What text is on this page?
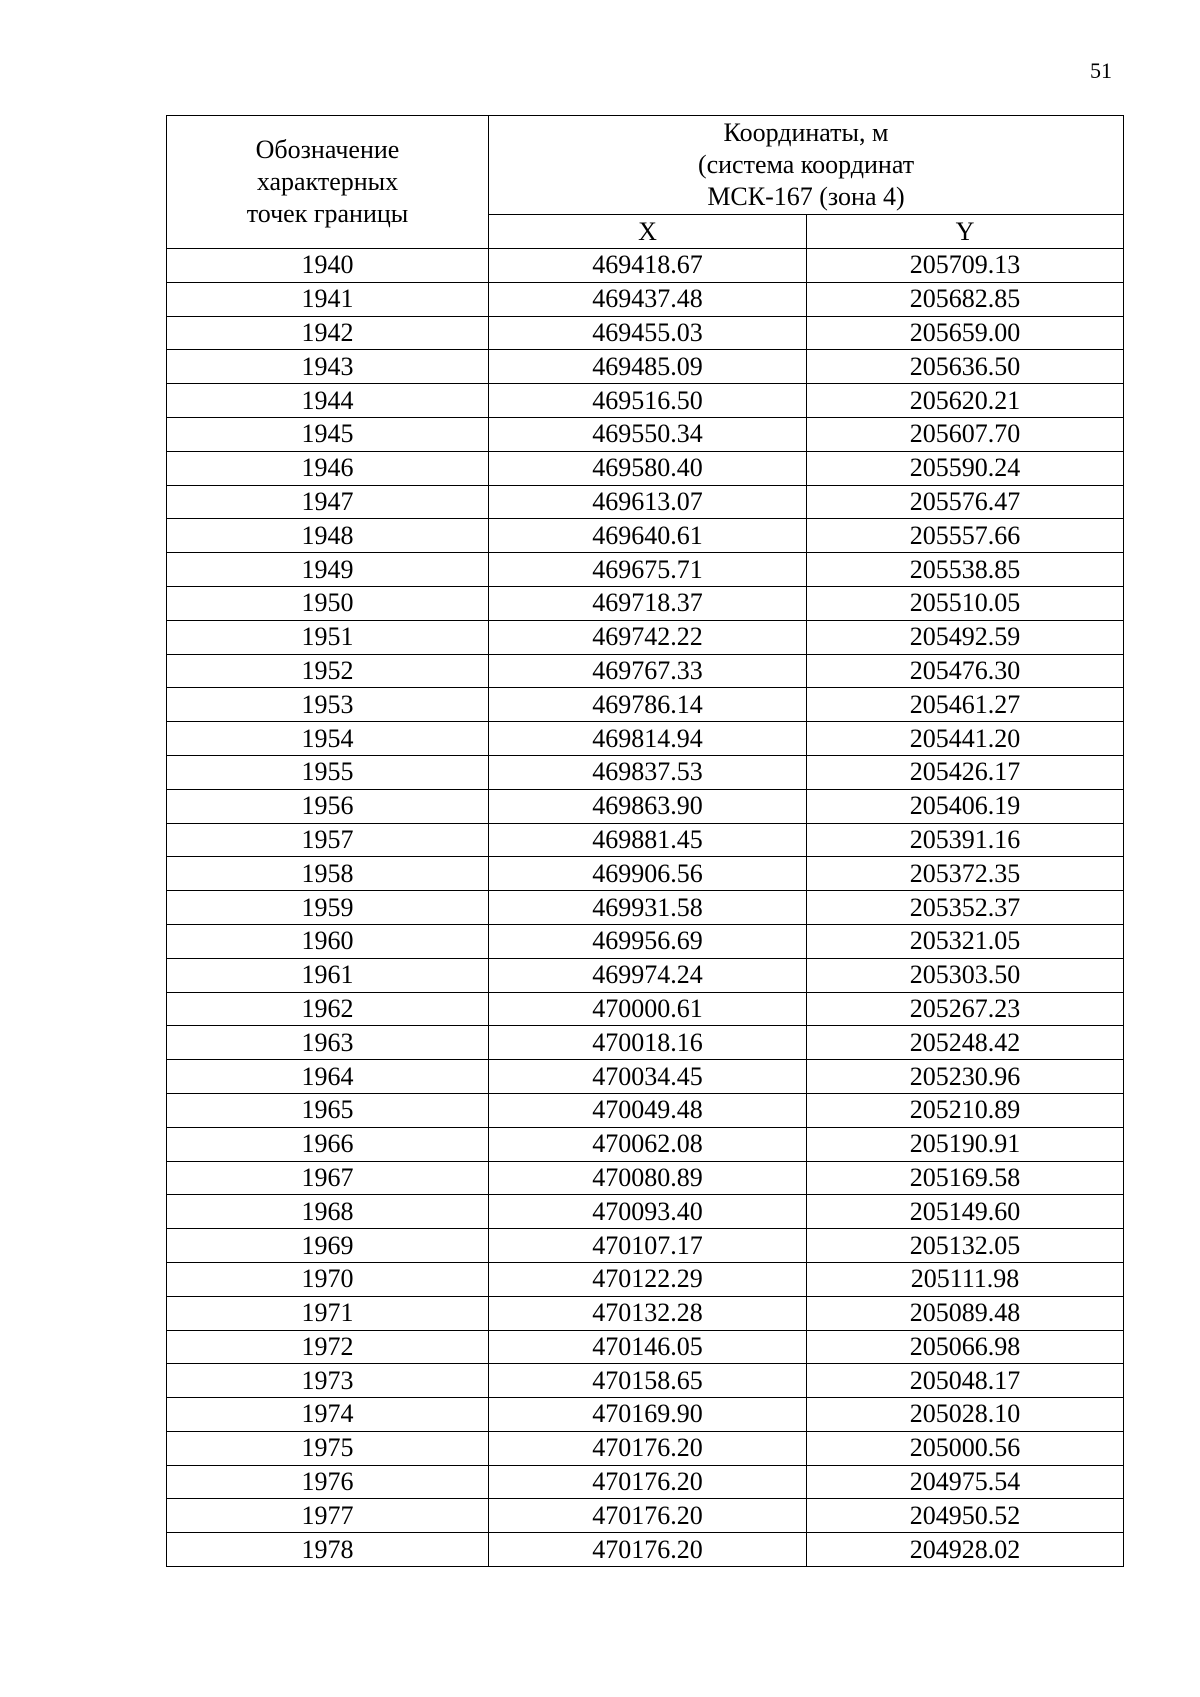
51
Обозначение
характерных
точек границы	Координаты, м
(система координат
МСК-167 (зона 4)	

	X	Y
1940	469418.67	205709.13
1941	469437.48	205682.85
1942	469455.03	205659.00
1943	469485.09	205636.50
1944	469516.50	205620.21
1945	469550.34	205607.70
1946	469580.40	205590.24
1947	469613.07	205576.47
1948	469640.61	205557.66
1949	469675.71	205538.85
1950	469718.37	205510.05
1951	469742.22	205492.59
1952	469767.33	205476.30
1953	469786.14	205461.27
1954	469814.94	205441.20
1955	469837.53	205426.17
1956	469863.90	205406.19
1957	469881.45	205391.16
1958	469906.56	205372.35
1959	469931.58	205352.37
1960	469956.69	205321.05
1961	469974.24	205303.50
1962	470000.61	205267.23
1963	470018.16	205248.42
1964	470034.45	205230.96
1965	470049.48	205210.89
1966	470062.08	205190.91
1967	470080.89	205169.58
1968	470093.40	205149.60
1969	470107.17	205132.05
1970	470122.29	205111.98
1971	470132.28	205089.48
1972	470146.05	205066.98
1973	470158.65	205048.17
1974	470169.90	205028.10
1975	470176.20	205000.56
1976	470176.20	204975.54
1977	470176.20	204950.52
1978	470176.20	204928.02
